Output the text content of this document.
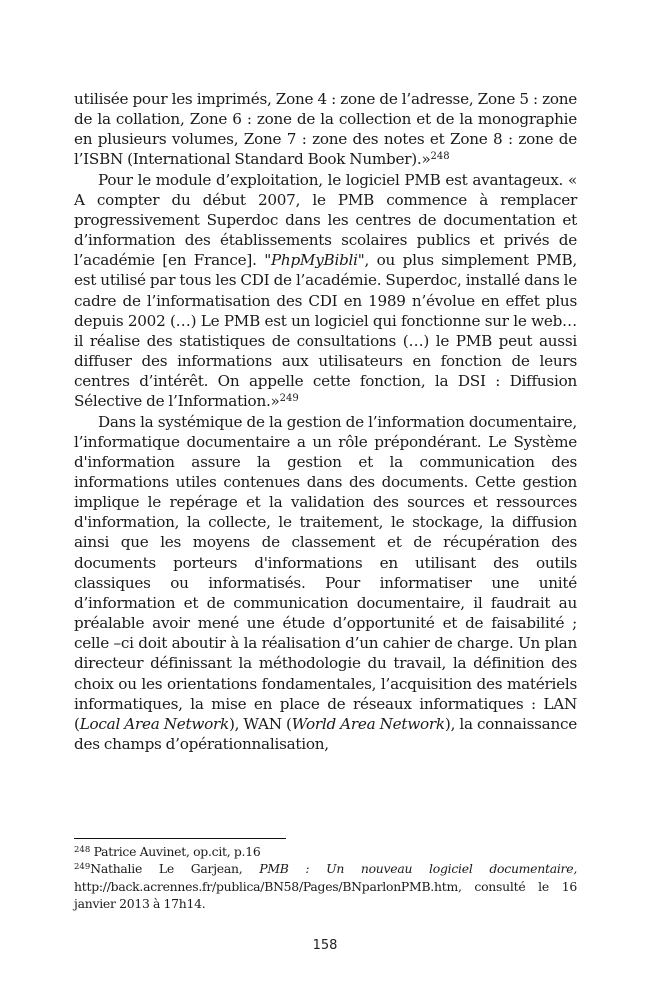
utilisée pour les imprimés, Zone 4 : zone de l’adresse, Zone 5 : zone de la collation, Zone 6 : zone de la collection et de la monographie en plusieurs volumes, Zone 7 : zone des notes et Zone 8 : zone de l’ISBN (International Standard Book Number).»$^{248}$

Pour le module d’exploitation, le logiciel PMB est avantageux. « A compter du début 2007, le PMB commence à remplacer progressivement Superdoc dans les centres de documentation et d’information des établissements scolaires publics et privés de l’académie [en France]. "PhpMyBibli", ou plus simplement PMB, est utilisé par tous les CDI de l’académie. Superdoc, installé dans le cadre de l’informatisation des CDI en 1989 n’évolue en effet plus depuis 2002 (…) Le PMB est un logiciel qui fonctionne sur le web… il réalise des statistiques de consultations (…) le PMB peut aussi diffuser des informations aux utilisateurs en fonction de leurs centres d’intérêt. On appelle cette fonction, la DSI : Diffusion Sélective de l’Information.»$^{249}$

Dans la systémique de la gestion de l’information documentaire, l’informatique documentaire a un rôle prépondérant. Le Système d'information assure la gestion et la communication des informations utiles contenues dans des documents. Cette gestion implique le repérage et la validation des sources et ressources d'information, la collecte, le traitement, le stockage, la diffusion ainsi que les moyens de classement et de récupération des documents porteurs d'informations en utilisant des outils classiques ou informatisés. Pour informatiser une unité d’information et de communication documentaire, il faudrait au préalable avoir mené une étude d’opportunité et de faisabilité ; celle –ci doit aboutir à la réalisation d’un cahier de charge. Un plan directeur définissant la méthodologie du travail, la définition des choix ou les orientations fondamentales, l’acquisition des matériels informatiques, la mise en place de réseaux informatiques : LAN (Local Area Network), WAN (World Area Network), la connaissance des champs d’opérationnalisation,

$^{248}$ Patrice Auvinet, op.cit, p.16

$^{249}$Nathalie Le Garjean, PMB : Un nouveau logiciel documentaire, http://back.acrennes.fr/publica/BN58/Pages/BNparlonPMB.htm, consulté le 16 janvier 2013 à 17h14.

158
